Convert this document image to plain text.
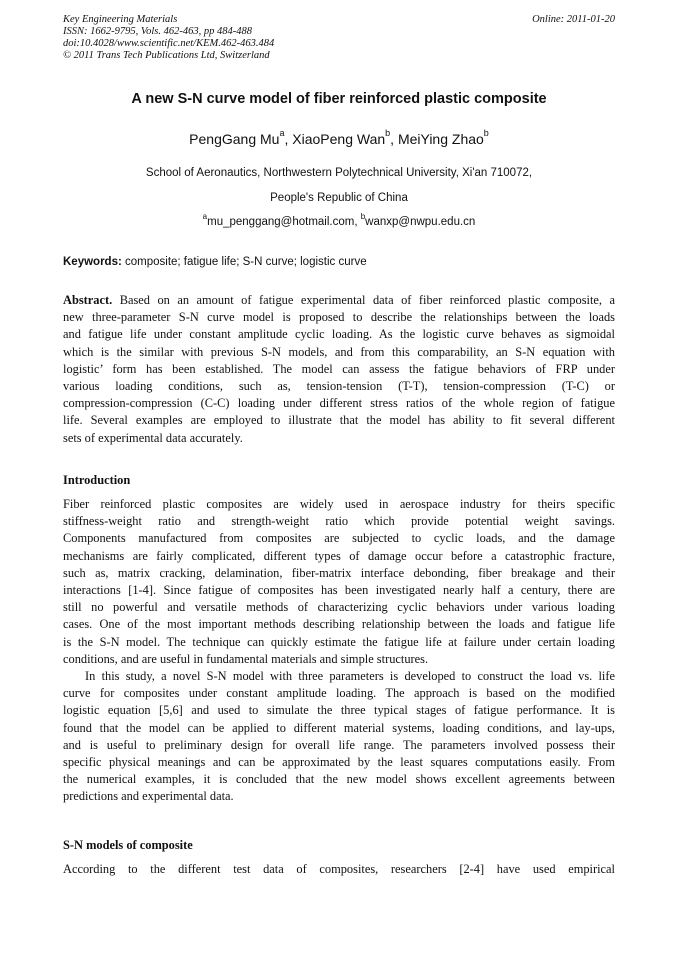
Key Engineering Materials
ISSN: 1662-9795, Vols. 462-463, pp 484-488
doi:10.4028/www.scientific.net/KEM.462-463.484
© 2011 Trans Tech Publications Ltd, Switzerland
Online: 2011-01-20
A new S-N curve model of fiber reinforced plastic composite
PengGang Mu$^a$, XiaoPeng Wan$^b$, MeiYing Zhao$^b$
School of Aeronautics, Northwestern Polytechnical University, Xi'an 710072,
People's Republic of China
$^a$mu_penggang@hotmail.com, $^b$wanxp@nwpu.edu.cn
Keywords: composite; fatigue life; S-N curve; logistic curve
Abstract. Based on an amount of fatigue experimental data of fiber reinforced plastic composite, a
new three-parameter S-N curve model is proposed to describe the relationships between the loads
and fatigue life under constant amplitude cyclic loading. As the logistic curve behaves as sigmoidal
which is the similar with previous S-N models, and from this comparability, an S-N equation with
logistic’ form has been established. The model can assess the fatigue behaviors of FRP under
various loading conditions, such as, tension-tension (T-T), tension-compression (T-C) or
compression-compression (C-C) loading under different stress ratios of the whole region of fatigue
life. Several examples are employed to illustrate that the model has ability to fit several different
sets of experimental data accurately.
Introduction
Fiber reinforced plastic composites are widely used in aerospace industry for theirs specific
stiffness-weight ratio and strength-weight ratio which provide potential weight savings.
Components manufactured from composites are subjected to cyclic loads, and the damage
mechanisms are fairly complicated, different types of damage occur before a catastrophic fracture,
such as, matrix cracking, delamination, fiber-matrix interface debonding, fiber breakage and their
interactions [1-4]. Since fatigue of composites has been investigated nearly half a century, there are
still no powerful and versatile methods of characterizing cyclic behaviors under various loading
cases. One of the most important methods describing relationship between the loads and fatigue life
is the S-N model. The technique can quickly estimate the fatigue life at failure under certain loading
conditions, and are useful in fundamental materials and simple structures.
In this study, a novel S-N model with three parameters is developed to construct the load vs. life
curve for composites under constant amplitude loading. The approach is based on the modified
logistic equation [5,6] and used to simulate the three typical stages of fatigue performance. It is
found that the model can be applied to different material systems, loading conditions, and lay-ups,
and is useful to preliminary design for overall life range. The parameters involved possess their
specific physical meanings and can be approximated by the least squares computations easily. From
the numerical examples, it is concluded that the new model shows excellent agreements between
predictions and experimental data.
S-N models of composite
According to the different test data of composites, researchers [2-4] have used empirical
